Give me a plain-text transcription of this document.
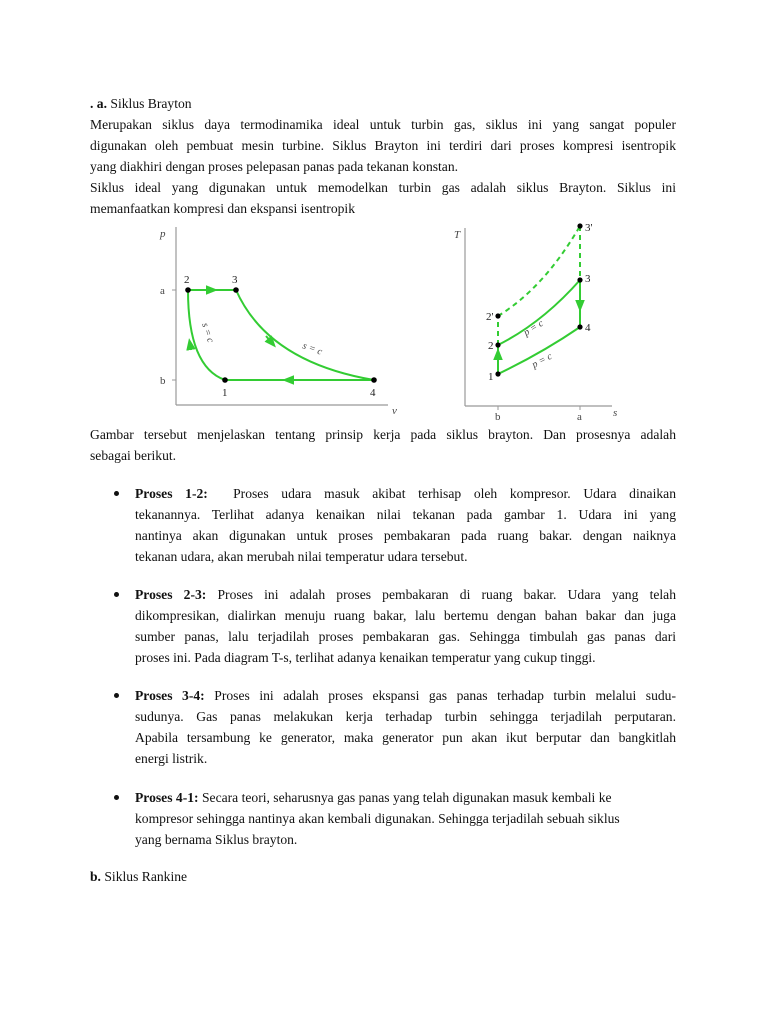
. a. Siklus Brayton
Merupakan siklus daya termodinamika ideal untuk turbin gas, siklus ini yang sangat populer
digunakan oleh pembuat mesin turbine. Siklus Brayton ini terdiri dari proses kompresi isentropik
yang diakhiri dengan proses pelepasan panas pada tekanan konstan.
Siklus ideal yang digunakan untuk memodelkan turbin gas adalah siklus Brayton. Siklus ini
memanfaatkan kompresi dan ekspansi isentropik
p
v
a
b
2	3
4
1
s = c
s = c
T
s
b	a
1
2
3
4
2'
3'
p = c
p = c
Gambar tersebut menjelaskan tentang prinsip kerja pada siklus brayton. Dan prosesnya adalah
sebagai berikut.
Proses 1-2: Proses udara masuk akibat terhisap oleh kompresor. Udara dinaikan
tekanannya. Terlihat adanya kenaikan nilai tekanan pada gambar 1. Udara ini yang
nantinya akan digunakan untuk proses pembakaran pada ruang bakar. dengan naiknya
tekanan udara, akan merubah nilai temperatur udara tersebut.
Proses 2-3: Proses ini adalah proses pembakaran di ruang bakar. Udara yang telah
dikompresikan, dialirkan menuju ruang bakar, lalu bertemu dengan bahan bakar dan juga
sumber panas, lalu terjadilah proses pembakaran gas. Sehingga timbulah gas panas dari
proses ini. Pada diagram T-s, terlihat adanya kenaikan temperatur yang cukup tinggi.
Proses 3-4: Proses ini adalah proses ekspansi gas panas terhadap turbin melalui sudu-
sudunya. Gas panas melakukan kerja terhadap turbin sehingga terjadilah perputaran.
Apabila tersambung ke generator, maka generator pun akan ikut berputar dan bangkitlah
energi listrik.
Proses 4-1: Secara teori, seharusnya gas panas yang telah digunakan masuk kembali ke
kompresor sehingga nantinya akan kembali digunakan. Sehingga terjadilah sebuah siklus
yang bernama Siklus brayton.
b. Siklus Rankine
